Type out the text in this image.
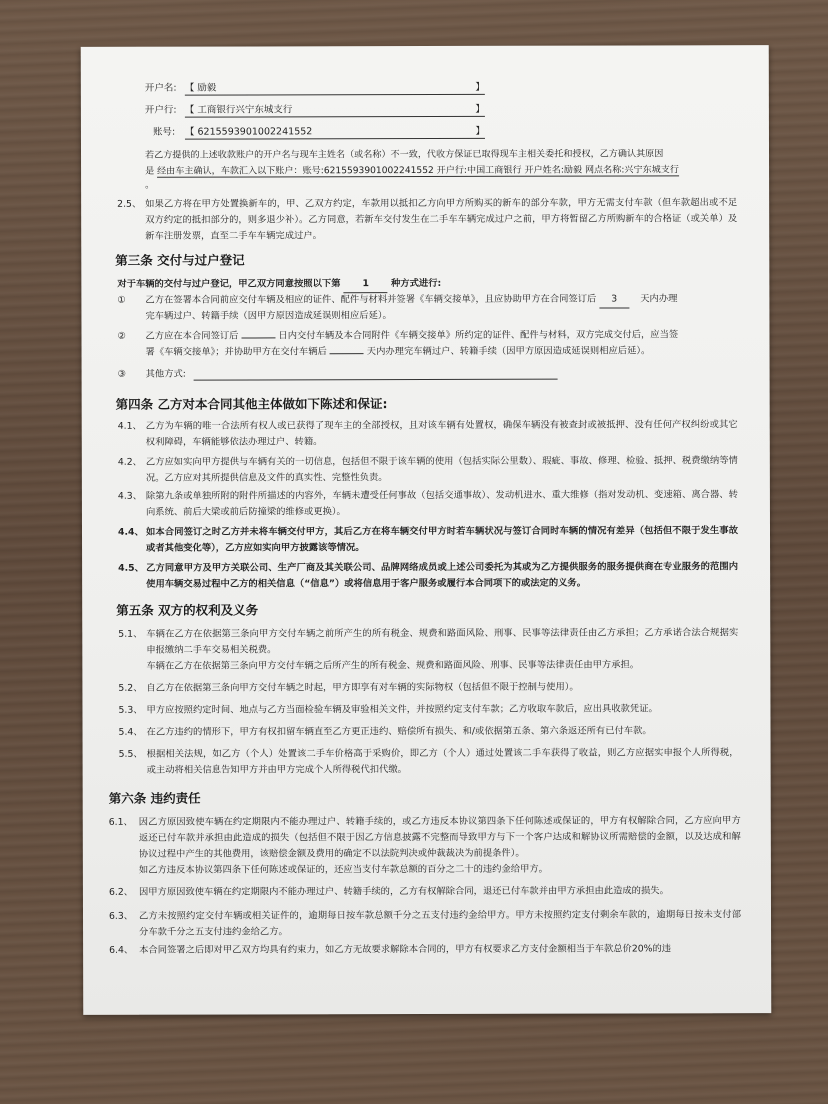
开户名: 【 励毅	】
开户行: 【 工商银行兴宁东城支行	】
账号: 【 6215593901002241552	】
若乙方提供的上述收款账户的开户名与现车主姓名（或名称）不一致，代收方保证已取得现车主相关委托和授权，乙方确认其原因
是 经由车主确认，车款汇入以下账户：账号:6215593901002241552 开户行:中国工商银行 开户姓名:励毅 网点名称:兴宁东城支行
。
2.5、 如果乙方将在甲方处置换新车的，甲、乙双方约定，车款用以抵扣乙方向甲方所购买的新车的部分车款，甲方无需支付车款（但车款超出或不足双方约定的抵扣部分的，则多退少补）。乙方同意，若新车交付发生在二手车车辆完成过户之前，甲方将暂留乙方所购新车的合格证（或关单）及新车注册发票，直至二手车车辆完成过户。
第三条 交付与过户登记
对于车辆的交付与过户登记，甲乙双方同意按照以下第 1 种方式进行:
①	乙方在签署本合同前应交付车辆及相应的证件、配件与材料并签署《车辆交接单》，且应协助甲方在合同签订后 3 天内办理
完车辆过户、转籍手续（因甲方原因造成延误则相应后延）。
②	乙方应在本合同签订后	日内交付车辆及本合同附件《车辆交接单》所约定的证件、配件与材料，双方完成交付后，应当签
署《车辆交接单》；并协助甲方在交付车辆后	天内办理完车辆过户、转籍手续（因甲方原因造成延误则相应后延）。
③	其他方式:
第四条 乙方对本合同其他主体做如下陈述和保证:
4.1、 乙方为车辆的唯一合法所有权人或已获得了现车主的全部授权，且对该车辆有处置权，确保车辆没有被查封或被抵押、没有任何产权纠纷或其它权利障碍，车辆能够依法办理过户、转籍。
4.2、 乙方应如实向甲方提供与车辆有关的一切信息，包括但不限于该车辆的使用（包括实际公里数）、瑕疵、事故、修理、检验、抵押、税费缴纳等情况。乙方应对其所提供信息及文件的真实性、完整性负责。
4.3、 除第九条或单独所附的附件所描述的内容外，车辆未遭受任何事故（包括交通事故）、发动机进水、重大维修（指对发动机、变速箱、离合器、转向系统、前后大梁或前后防撞梁的维修或更换）。
4.4、 如本合同签订之时乙方并未将车辆交付甲方，其后乙方在将车辆交付甲方时若车辆状况与签订合同时车辆的情况有差异（包括但不限于发生事故或者其他变化等），乙方应如实向甲方披露该等情况。
4.5、 乙方同意甲方及甲方关联公司、生产厂商及其关联公司、品牌网络成员或上述公司委托为其或为乙方提供服务的服务提供商在专业服务的范围内使用车辆交易过程中乙方的相关信息（“信息”）或将信息用于客户服务或履行本合同项下的或法定的义务。
第五条 双方的权利及义务
5.1、 车辆在乙方在依据第三条向甲方交付车辆之前所产生的所有税金、规费和路面风险、刑事、民事等法律责任由乙方承担；乙方承诺合法合规据实申报缴纳二手车交易相关税费。
车辆在乙方在依据第三条向甲方交付车辆之后所产生的所有税金、规费和路面风险、刑事、民事等法律责任由甲方承担。
5.2、 自乙方在依据第三条向甲方交付车辆之时起，甲方即享有对车辆的实际物权（包括但不限于控制与使用）。
5.3、 甲方应按照约定时间、地点与乙方当面检验车辆及审验相关文件，并按照约定支付车款；乙方收取车款后，应出具收款凭证。
5.4、 在乙方违约的情形下，甲方有权扣留车辆直至乙方更正违约、赔偿所有损失、和/或依据第五条、第六条返还所有已付车款。
5.5、 根据相关法规，如乙方（个人）处置该二手车价格高于采购价，即乙方（个人）通过处置该二手车获得了收益，则乙方应据实申报个人所得税，或主动将相关信息告知甲方并由甲方完成个人所得税代扣代缴。
第六条 违约责任
6.1、 因乙方原因致使车辆在约定期限内不能办理过户、转籍手续的，或乙方违反本协议第四条下任何陈述或保证的，甲方有权解除合同，乙方应向甲方返还已付车款并承担由此造成的损失（包括但不限于因乙方信息披露不完整而导致甲方与下一个客户达成和解协议所需赔偿的金额，以及达成和解协议过程中产生的其他费用，该赔偿金额及费用的确定不以法院判决或仲裁裁决为前提条件）。
如乙方违反本协议第四条下任何陈述或保证的，还应当支付车款总额的百分之二十的违约金给甲方。
6.2、 因甲方原因致使车辆在约定期限内不能办理过户、转籍手续的，乙方有权解除合同，退还已付车款并由甲方承担由此造成的损失。
6.3、 乙方未按照约定交付车辆或相关证件的，逾期每日按车款总额千分之五支付违约金给甲方。甲方未按照约定支付剩余车款的，逾期每日按未支付部分车款千分之五支付违约金给乙方。
6.4、 本合同签署之后即对甲乙双方均具有约束力，如乙方无故要求解除本合同的，甲方有权要求乙方支付金额相当于车款总价20%的违
